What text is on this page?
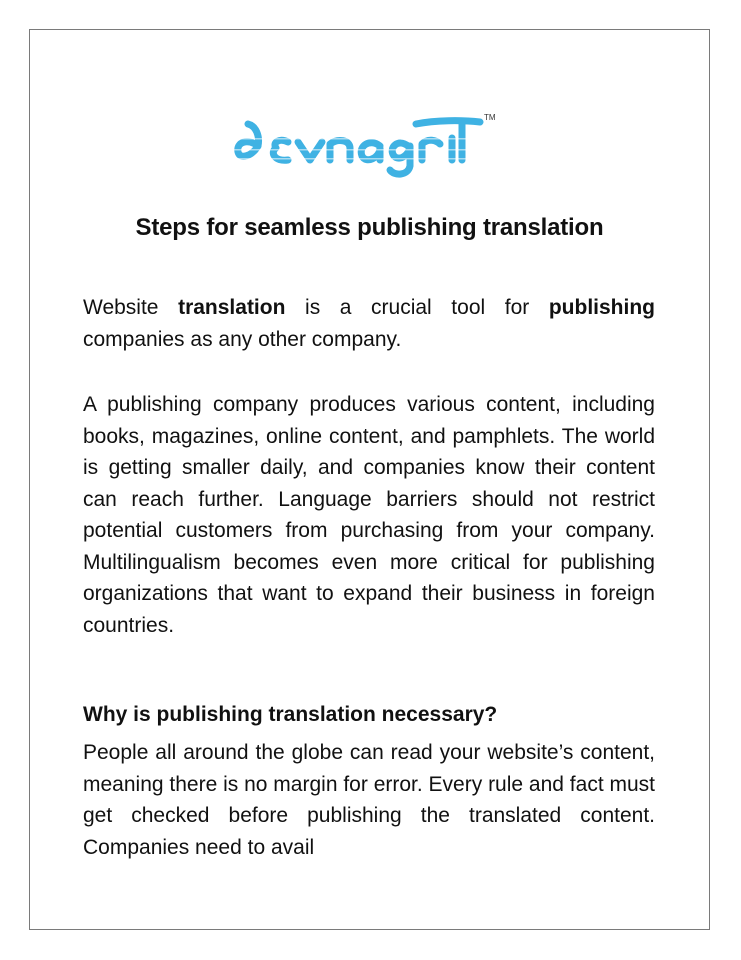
TM
Steps for seamless publishing translation

Website translation is a crucial tool for publishing companies as any other company.

A publishing company produces various content, including books, magazines, online content, and pamphlets. The world is getting smaller daily, and companies know their content can reach further. Language barriers should not restrict potential customers from purchasing from your company. Multilingualism becomes even more critical for publishing organizations that want to expand their business in foreign countries.

Why is publishing translation necessary?

People all around the globe can read your website’s content, meaning there is no margin for error. Every rule and fact must get checked before publishing the translated content. Companies need to avail
